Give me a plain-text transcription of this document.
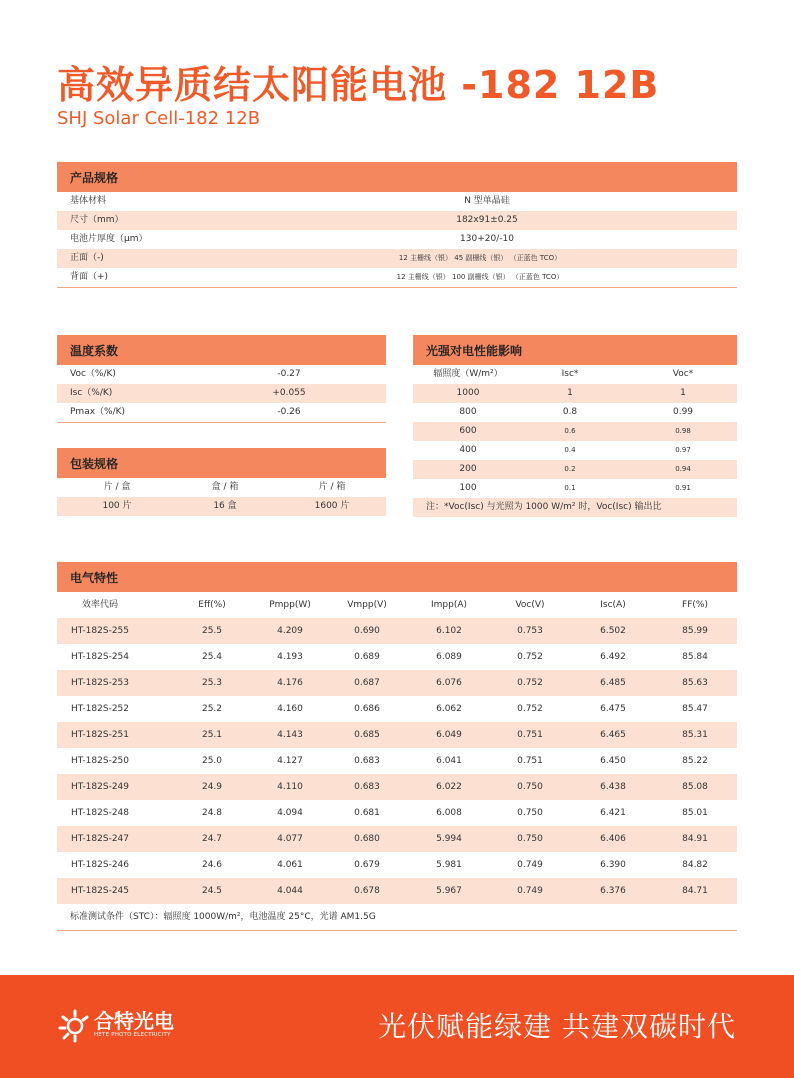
高效异质结太阳能电池 -182 12B
SHJ Solar Cell-182 12B
产品规格
基体材料	N 型单晶硅
尺寸（mm）	182x91±0.25
电池片厚度（μm）	130+20/-10
正面（-)	12 主栅线（银） 45 副栅线（银） （正蓝色 TCO）
背面（+)	12 主栅线（银） 100 副栅线（银） （正蓝色 TCO）
温度系数
Voc（%/K)	-0.27
Isc（%/K)	+0.055
Pmax（%/K)	-0.26
包装规格
片 / 盒	盒 / 箱	片 / 箱
100 片	16 盒	1600 片
光强对电性能影响
辐照度（W/m²）	Isc*	Voc*
1000	1	1
800	0.8	0.99
600	0.6	0.98
400	0.4	0.97
200	0.2	0.94
100	0.1	0.91
注：*Voc(Isc) 与光照为 1000 W/m² 时，Voc(Isc) 输出比
电气特性
效率代码	Eff(%)	Pmpp(W)	Vmpp(V)	Impp(A)	Voc(V)	Isc(A)	FF(%)
HT-182S-255	25.5	4.209	0.690	6.102	0.753	6.502	85.99
HT-182S-254	25.4	4.193	0.689	6.089	0.752	6.492	85.84
HT-182S-253	25.3	4.176	0.687	6.076	0.752	6.485	85.63
HT-182S-252	25.2	4.160	0.686	6.062	0.752	6.475	85.47
HT-182S-251	25.1	4.143	0.685	6.049	0.751	6.465	85.31
HT-182S-250	25.0	4.127	0.683	6.041	0.751	6.450	85.22
HT-182S-249	24.9	4.110	0.683	6.022	0.750	6.438	85.08
HT-182S-248	24.8	4.094	0.681	6.008	0.750	6.421	85.01
HT-182S-247	24.7	4.077	0.680	5.994	0.750	6.406	84.91
HT-182S-246	24.6	4.061	0.679	5.981	0.749	6.390	84.82
HT-182S-245	24.5	4.044	0.678	5.967	0.749	6.376	84.71
标准测试条件（STC）：辐照度 1000W/m²，电池温度 25°C，光谱 AM1.5G
合特光电
HETE PHOTO ELECTRICITY	光伏赋能绿建 共建双碳时代
